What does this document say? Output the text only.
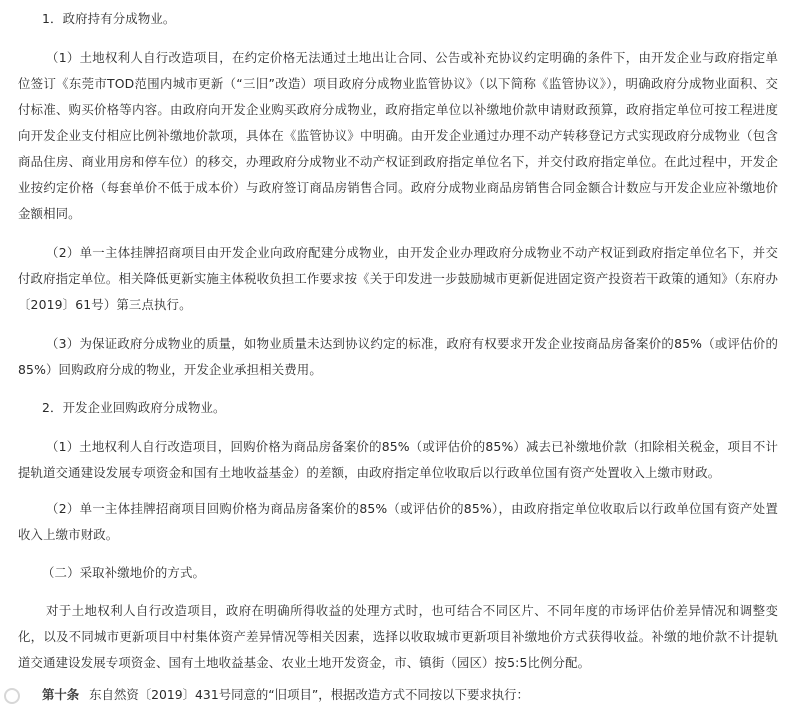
1．政府持有分成物业。

（1）土地权利人自行改造项目，在约定价格无法通过土地出让合同、公告或补充协议约定明确的条件下，由开发企业与政府指定单位签订《东莞市TOD范围内城市更新（“三旧”改造）项目政府分成物业监管协议》（以下简称《监管协议》），明确政府分成物业面积、交付标准、购买价格等内容。由政府向开发企业购买政府分成物业，政府指定单位以补缴地价款申请财政预算，政府指定单位可按工程进度向开发企业支付相应比例补缴地价款项，具体在《监管协议》中明确。由开发企业通过办理不动产转移登记方式实现政府分成物业（包含商品住房、商业用房和停车位）的移交，办理政府分成物业不动产权证到政府指定单位名下，并交付政府指定单位。在此过程中，开发企业按约定价格（每套单价不低于成本价）与政府签订商品房销售合同。政府分成物业商品房销售合同金额合计数应与开发企业应补缴地价金额相同。

（2）单一主体挂牌招商项目由开发企业向政府配建分成物业，由开发企业办理政府分成物业不动产权证到政府指定单位名下，并交付政府指定单位。相关降低更新实施主体税收负担工作要求按《关于印发进一步鼓励城市更新促进固定资产投资若干政策的通知》（东府办〔2019〕61号）第三点执行。

（3）为保证政府分成物业的质量，如物业质量未达到协议约定的标准，政府有权要求开发企业按商品房备案价的85%（或评估价的85%）回购政府分成的物业，开发企业承担相关费用。

2．开发企业回购政府分成物业。

（1）土地权利人自行改造项目，回购价格为商品房备案价的85%（或评估价的85%）减去已补缴地价款（扣除相关税金，项目不计提轨道交通建设发展专项资金和国有土地收益基金）的差额，由政府指定单位收取后以行政单位国有资产处置收入上缴市财政。

（2）单一主体挂牌招商项目回购价格为商品房备案价的85%（或评估价的85%），由政府指定单位收取后以行政单位国有资产处置收入上缴市财政。

（二）采取补缴地价的方式。

对于土地权利人自行改造项目，政府在明确所得收益的处理方式时，也可结合不同区片、不同年度的市场评估价差异情况和调整变化，以及不同城市更新项目中村集体资产差异情况等相关因素，选择以收取城市更新项目补缴地价方式获得收益。补缴的地价款不计提轨道交通建设发展专项资金、国有土地收益基金、农业土地开发资金，市、镇街（园区）按5:5比例分配。

第十条 东自然资〔2019〕431号同意的“旧项目”，根据改造方式不同按以下要求执行：
